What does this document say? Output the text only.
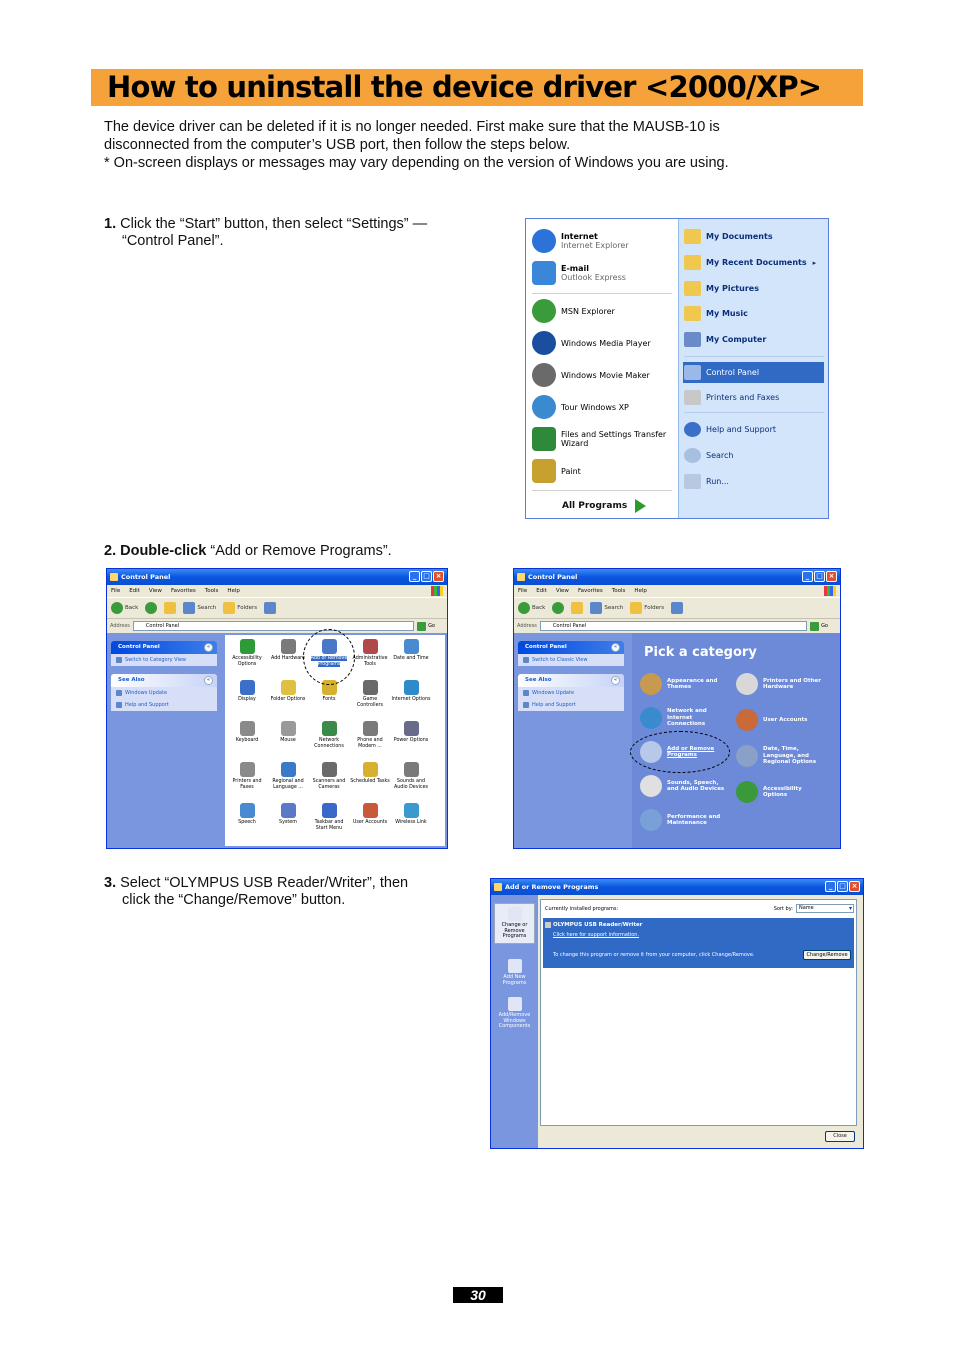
How to uninstall the device driver <2000/XP>

The device driver can be deleted if it is no longer needed. First make sure that the MAUSB-10 is

disconnected from the computer’s USB port, then follow the steps below.

* On-screen displays or messages may vary depending on the version of Windows you are using.

1. Click the “Start” button, then select “Settings” —
“Control Panel”.
2. Double-click “Add or Remove Programs”.
3. Select “OLYMPUS USB Reader/Writer”, then
click the “Change/Remove” button.
Internet
Internet Explorer
E-mail
Outlook Express
MSN Explorer
Windows Media Player
Windows Movie Maker
Tour Windows XP
Files and Settings Transfer
Wizard
Paint
All Programs
My Documents
My Recent Documents ▸
My Pictures
My Music
My Computer
Control Panel
Printers and Faxes
Help and Support
Search
Run...
Control Panel	_ □ ×
File Edit View Favorites Tools Help
Back	Search	Folders
Address	Control Panel	Go
Control Panel	«
Switch to Category View
See Also	«
Windows Update
Help and Support
Accessibility Options
Add Hardware	Add or Remove Programs
Administrative Tools
Date and Time
Display	Folder Options	Fonts	Game Controllers
Internet Options
Keyboard	Mouse	Network Connections
Phone and Modem ...
Power Options
Printers and Faxes
Regional and Language ...
Scanners and Cameras
Scheduled Tasks	Sounds and Audio Devices
Speech	System	Taskbar and Start Menu
User Accounts	Wireless Link
Control Panel	_ □ ×
File Edit View Favorites Tools Help
Back	Search	Folders
Address	Control Panel	Go
Control Panel	«
Switch to Classic View
See Also	«
Windows Update
Help and Support
Pick a category
Appearance and
Themes
Network and
Internet
Connections
Add or Remove
Programs
Sounds, Speech,
and Audio Devices
Performance and
Maintenance
Printers and Other
Hardware
User Accounts
Date, Time,
Language, and
Regional Options
Accessibility
Options
Add or Remove Programs	_ □ ×
Change or
Remove
Programs
Add New
Programs
Add/Remove
Windows
Components
Currently installed programs:	Sort by:	Name ▾
OLYMPUS USB Reader/Writer
Click here for support information.
To change this program or remove it from your computer, click Change/Remove.	Change/Remove
Close
30
